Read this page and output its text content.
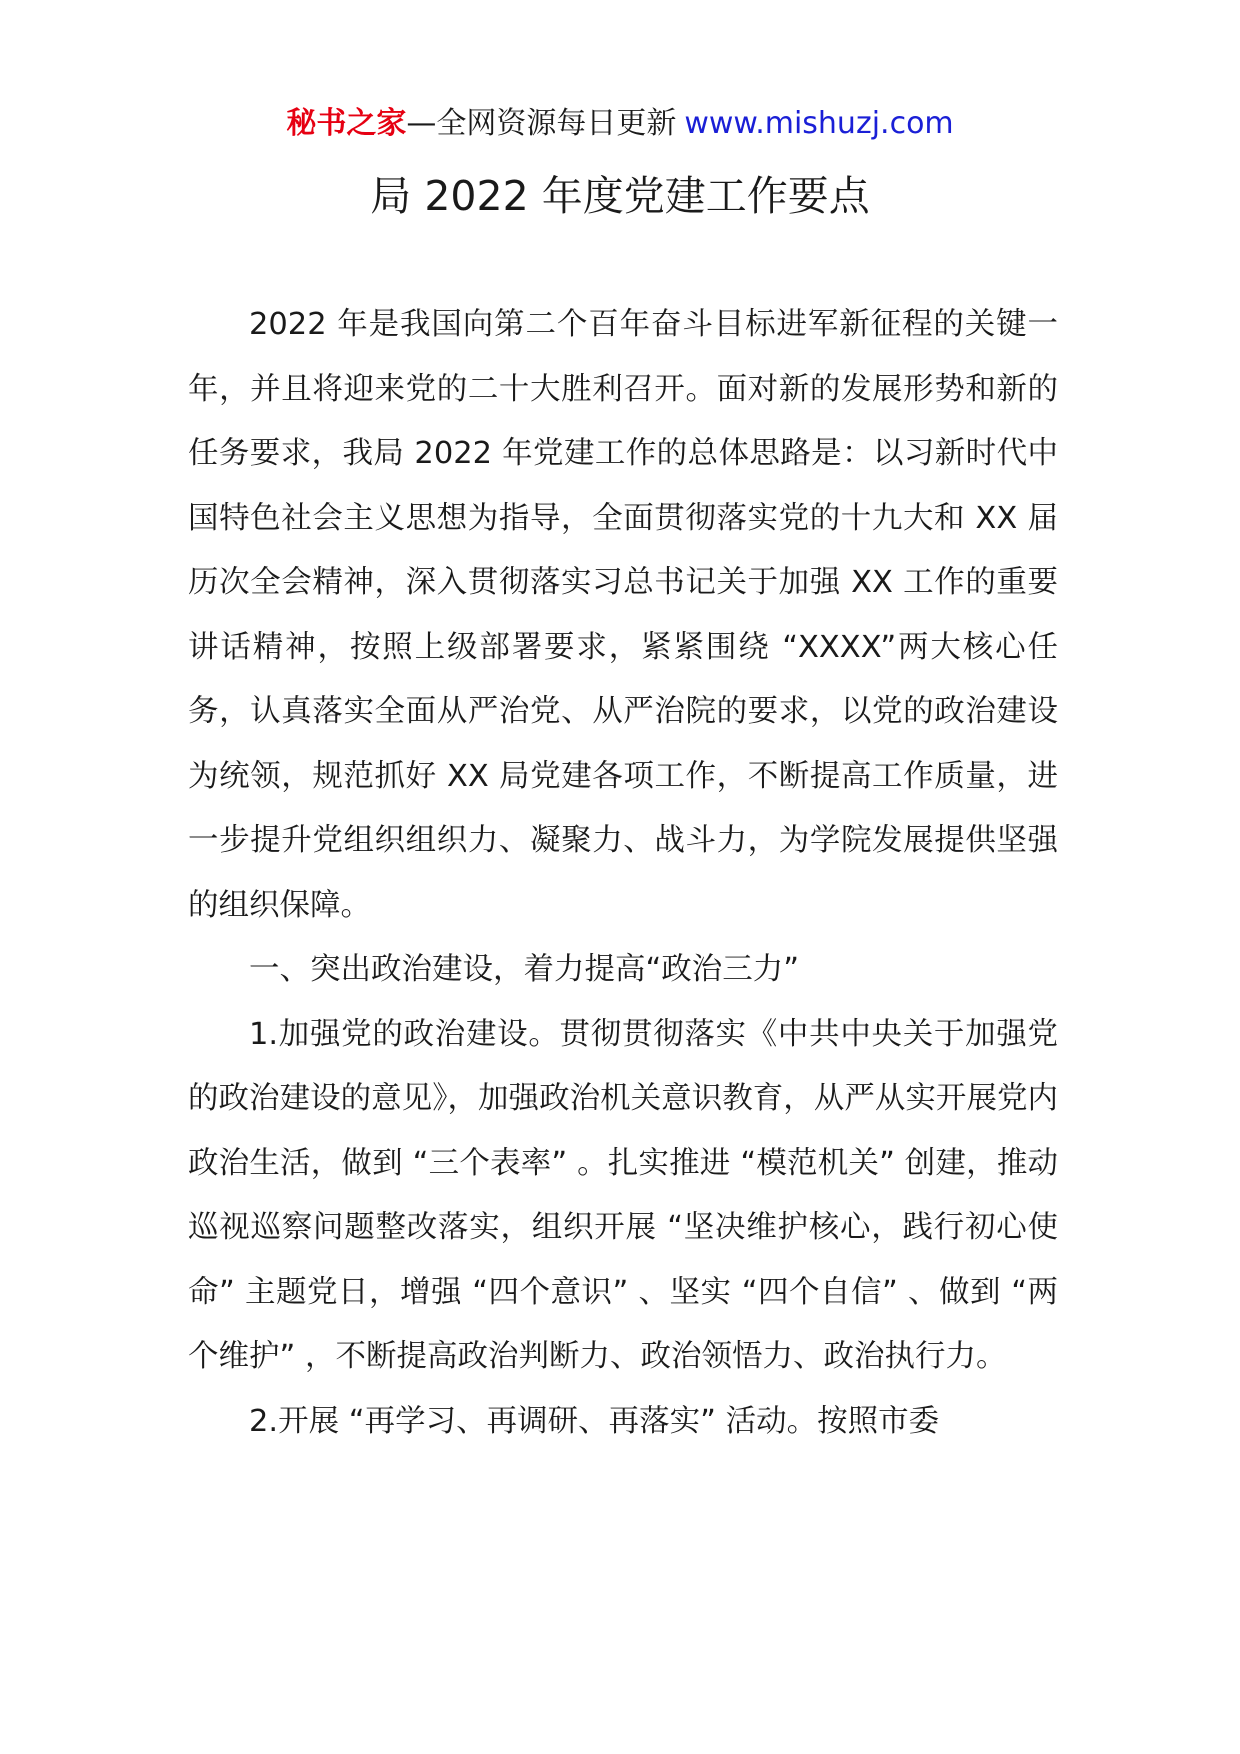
秘书之家—全网资源每日更新 www.mishuzj.com
局 2022 年度党建工作要点

2022 年是我国向第二个百年奋斗目标进军新征程的关键一年，并且将迎来党的二十大胜利召开。面对新的发展形势和新的任务要求，我局 2022 年党建工作的总体思路是：以习新时代中国特色社会主义思想为指导，全面贯彻落实党的十九大和 XX 届历次全会精神，深入贯彻落实习总书记关于加强 XX 工作的重要讲话精神，按照上级部署要求，紧紧围绕 “XXXX”两大核心任务，认真落实全面从严治党、从严治院的要求，以党的政治建设为统领，规范抓好 XX 局党建各项工作，不断提高工作质量，进一步提升党组织组织力、凝聚力、战斗力，为学院发展提供坚强的组织保障。

一、突出政治建设，着力提高“政治三力”

1.加强党的政治建设。贯彻贯彻落实《中共中央关于加强党的政治建设的意见》，加强政治机关意识教育，从严从实开展党内政治生活，做到 “三个表率” 。扎实推进 “模范机关” 创建，推动巡视巡察问题整改落实，组织开展 “坚决维护核心，践行初心使命” 主题党日，增强 “四个意识” 、坚实 “四个自信” 、做到 “两个维护” ，不断提高政治判断力、政治领悟力、政治执行力。

2.开展 “再学习、再调研、再落实” 活动。按照市委
